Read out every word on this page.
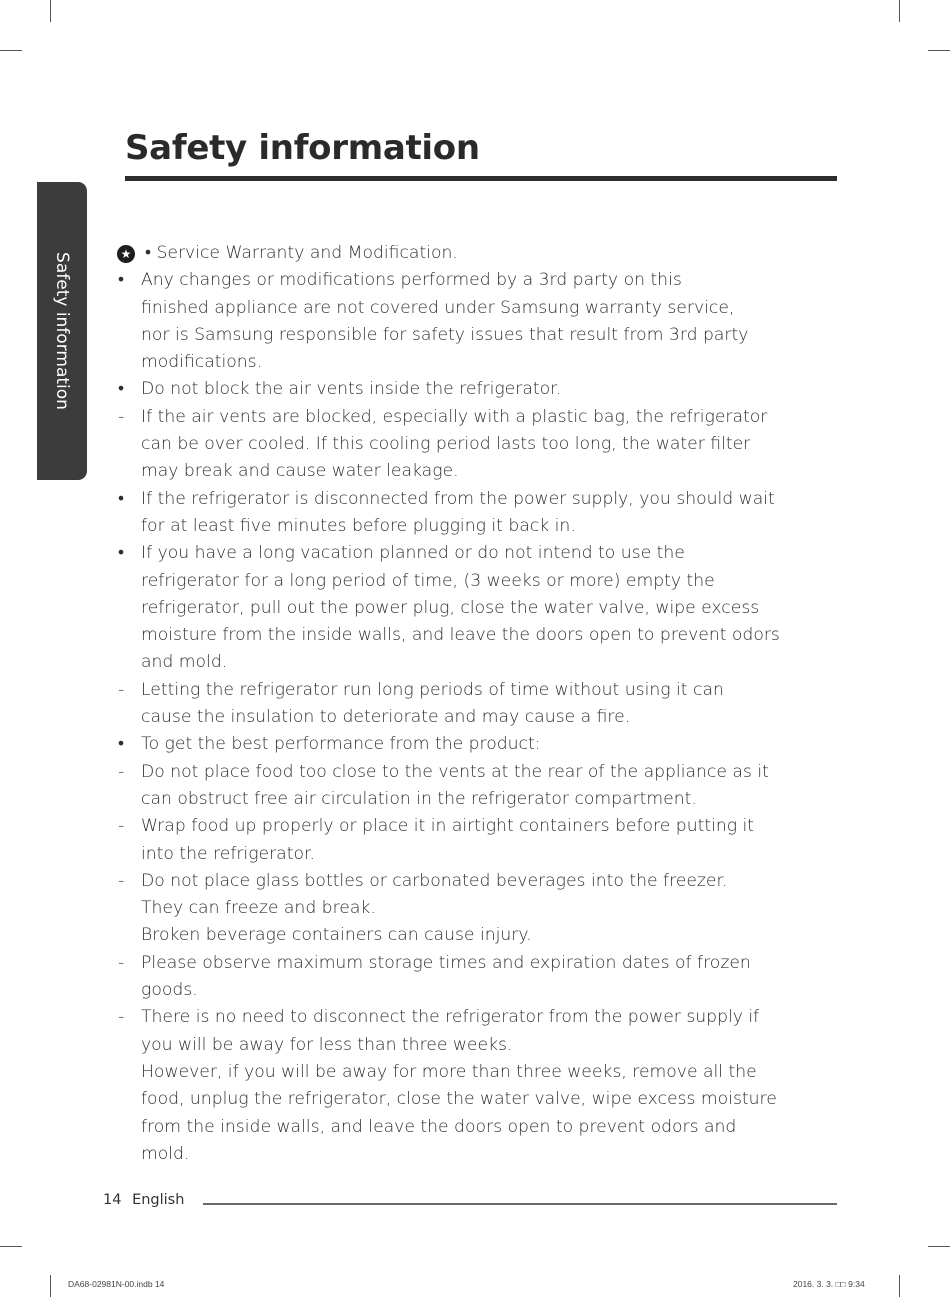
Safety information
Safety information	★ • Service Warranty and Modification.
• Any changes or modifications performed by a 3rd party on this
finished appliance are not covered under Samsung warranty service,
nor is Samsung responsible for safety issues that result from 3rd party
modifications.
• Do not block the air vents inside the refrigerator.
- If the air vents are blocked, especially with a plastic bag, the refrigerator
can be over cooled. If this cooling period lasts too long, the water filter
may break and cause water leakage.
• If the refrigerator is disconnected from the power supply, you should wait
for at least five minutes before plugging it back in.
• If you have a long vacation planned or do not intend to use the
refrigerator for a long period of time, (3 weeks or more) empty the
refrigerator, pull out the power plug, close the water valve, wipe excess
moisture from the inside walls, and leave the doors open to prevent odors
and mold.
- Letting the refrigerator run long periods of time without using it can
cause the insulation to deteriorate and may cause a fire.
• To get the best performance from the product:
- Do not place food too close to the vents at the rear of the appliance as it
can obstruct free air circulation in the refrigerator compartment.
- Wrap food up properly or place it in airtight containers before putting it
into the refrigerator.
- Do not place glass bottles or carbonated beverages into the freezer.
They can freeze and break.
Broken beverage containers can cause injury.
- Please observe maximum storage times and expiration dates of frozen
goods.
- There is no need to disconnect the refrigerator from the power supply if
you will be away for less than three weeks.
However, if you will be away for more than three weeks, remove all the
food, unplug the refrigerator, close the water valve, wipe excess moisture
from the inside walls, and leave the doors open to prevent odors and
mold.
14 English
DA68-02981N-00.indb 14	2016. 3. 3. □□ 9:34
